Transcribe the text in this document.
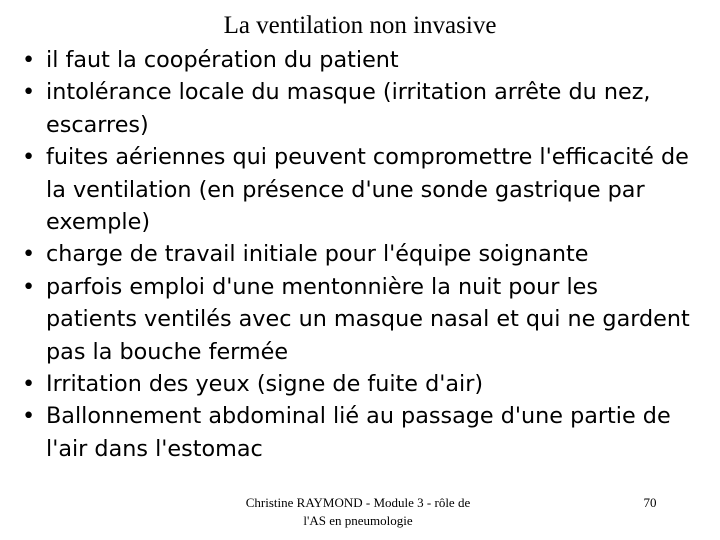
La ventilation non invasive
• il faut la coopération du patient
• intolérance locale du masque (irritation arrête du nez, escarres)
• fuites aériennes qui peuvent compromettre l'efficacité de la ventilation (en présence d'une sonde gastrique par exemple)
• charge de travail initiale pour l'équipe soignante
• parfois emploi d'une mentonnière la nuit pour les patients ventilés avec un masque nasal et qui ne gardent pas la bouche fermée
• Irritation des yeux (signe de fuite d'air)
• Ballonnement abdominal lié au passage d'une partie de l'air dans l'estomac
Christine RAYMOND - Module 3 - rôle de l'AS en pneumologie
70
